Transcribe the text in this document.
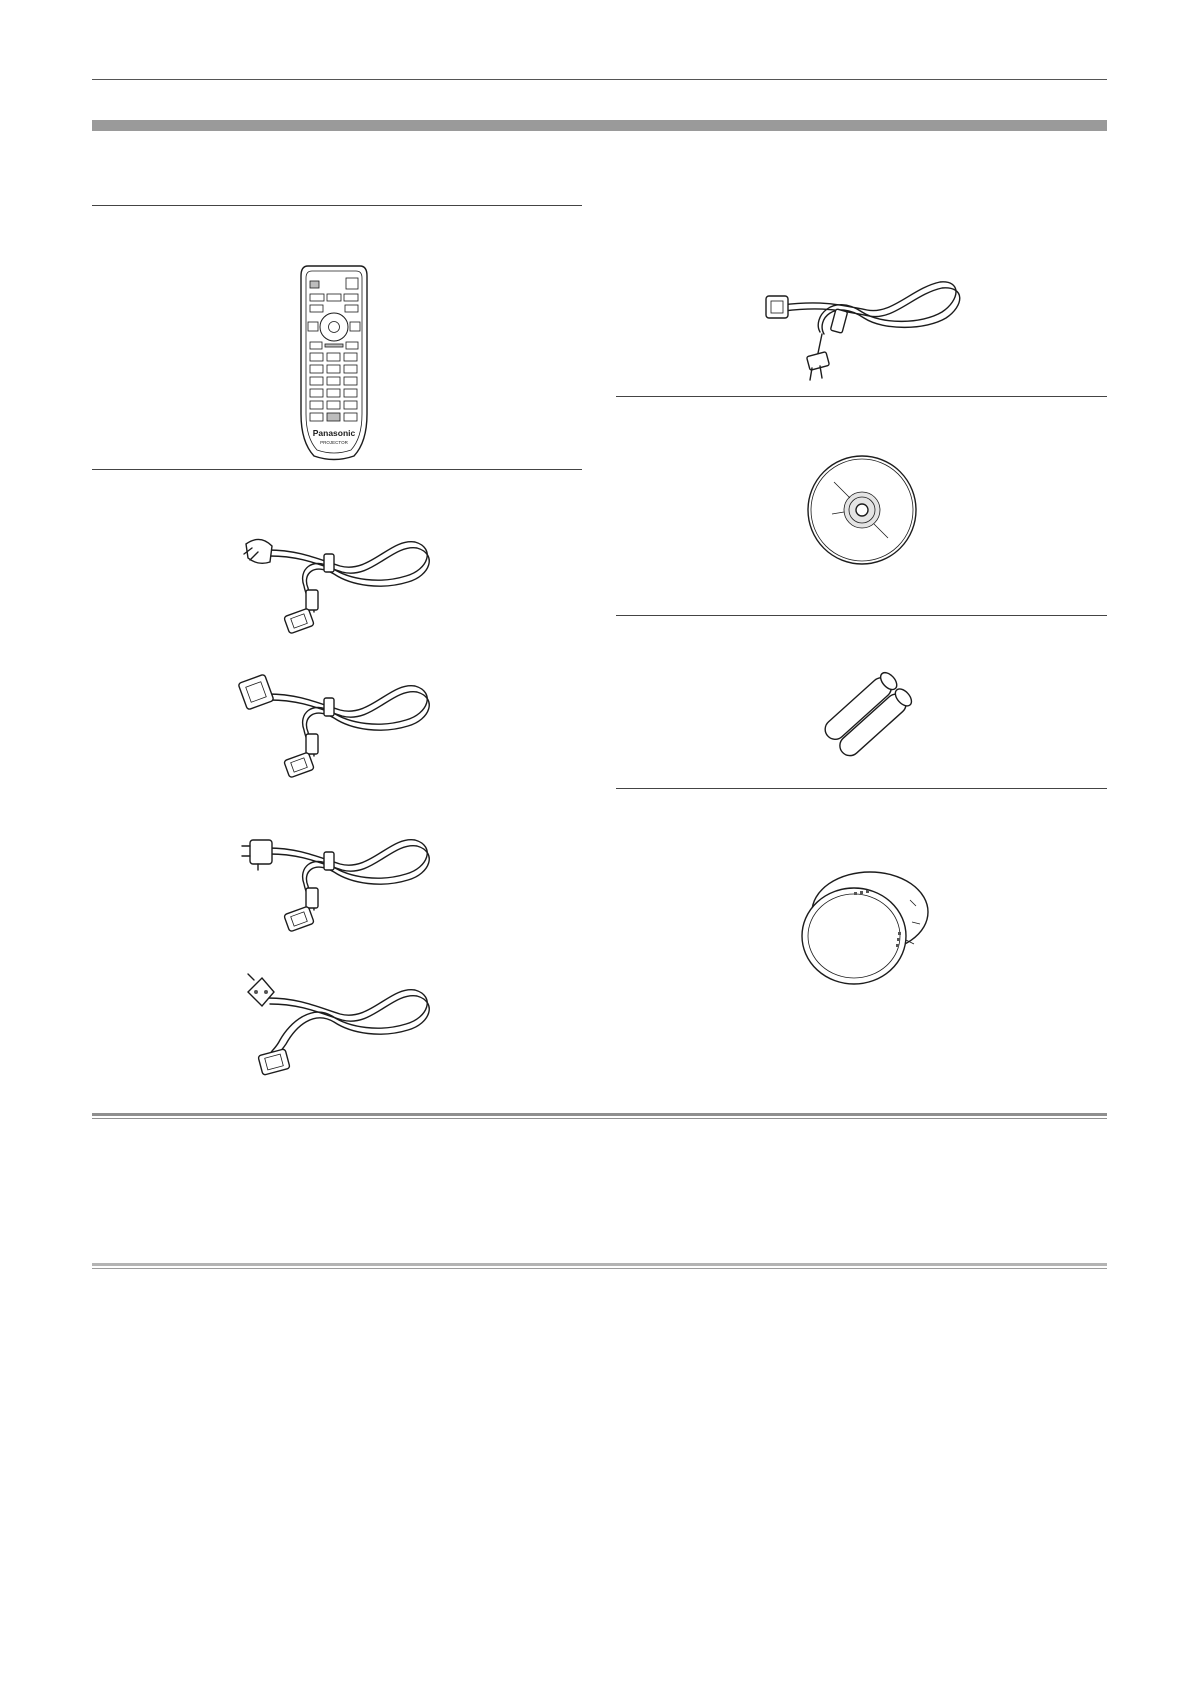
Panasonic
PROJECTOR
